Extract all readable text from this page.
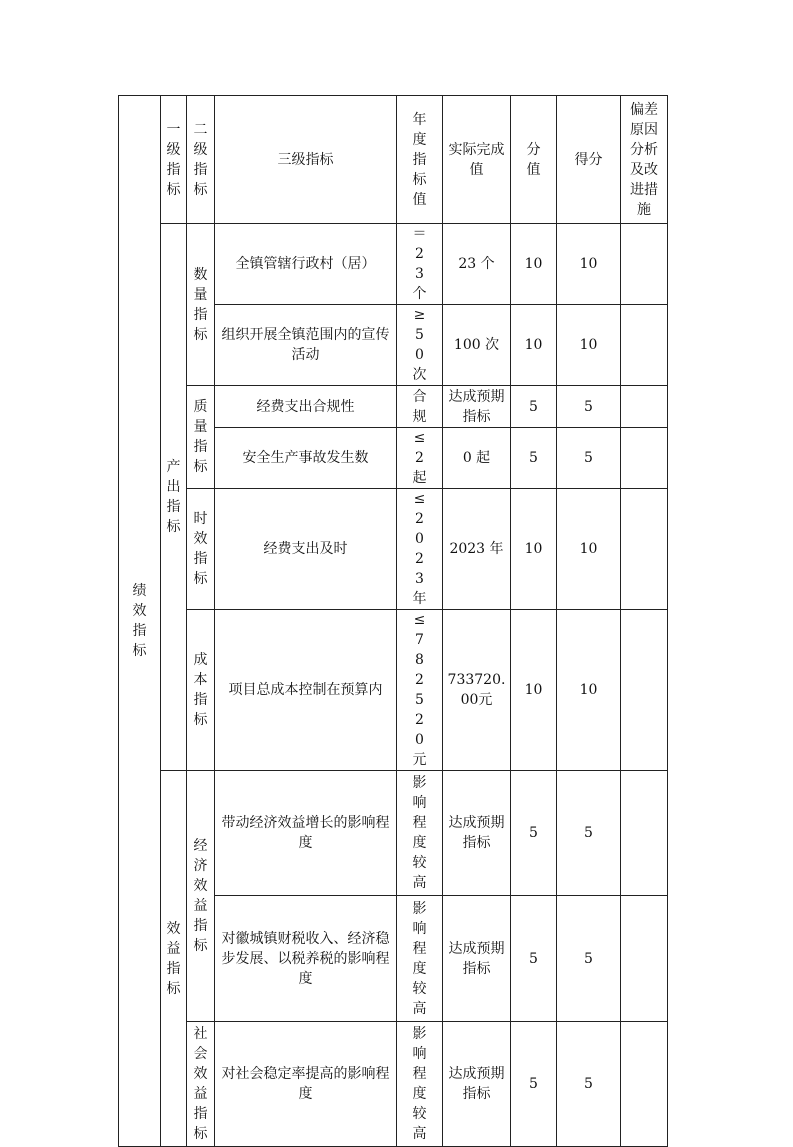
绩效指标	一级指标	二级指标	三级指标	年度指标值	实际完成值	分值	得分	偏差原因分析及改进措施

	产出指标	数量指标	全镇管辖行政村（居）	＝23个	23 个	10	10	
			组织开展全镇范围内的宣传活动	≥50次	100 次	10	10	

		质量指标	经费支出合规性	合规	达成预期指标	5	5	
			安全生产事故发生数	≤2起	0 起	5	5	

		时效指标	经费支出及时	≤2023年	2023 年	10	10	

		成本指标	项目总成本控制在预算内	≤782520元	733720.00元	10	10	

	效益指标	经济效益指标	带动经济效益增长的影响程度	影响程度较高	达成预期指标	5	5	
			对徽城镇财税收入、经济稳步发展、以税养税的影响程度	影响程度较高	达成预期指标	5	5	

		社会效益指标	对社会稳定率提高的影响程度	影响程度较高	达成预期指标	5	5	
